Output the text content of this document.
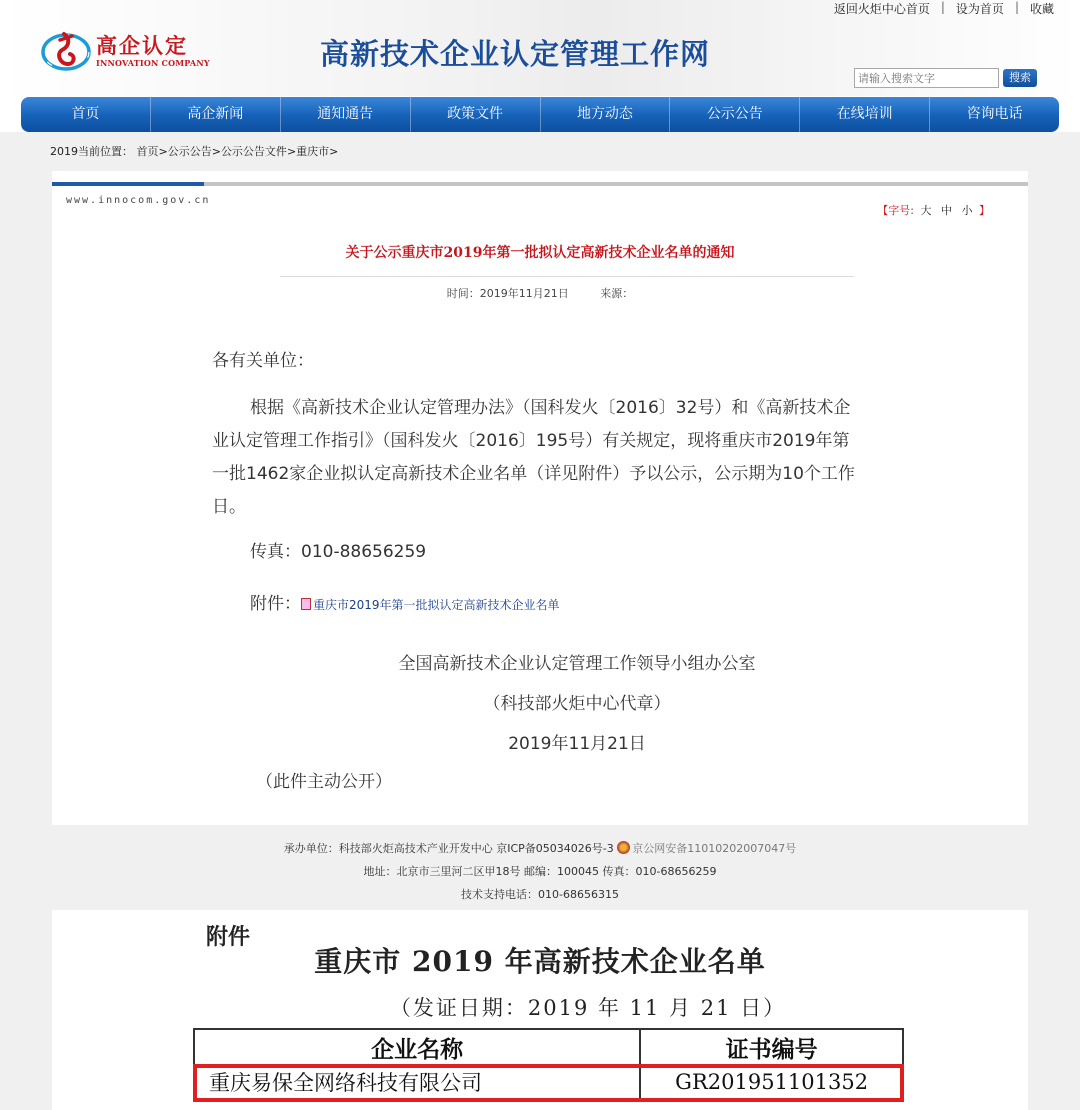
返回火炬中心首页 | 设为首页 | 收藏
高企认定
INNOVATION COMPANY	高新技术企业认定管理工作网
请输入搜索文字
搜索
首页	高企新闻	通知通告	政策文件	地方动态	公示公告	在线培训	咨询电话
2019当前位置： 首页>公示公告>公示公告文件>重庆市>
www.innocom.gov.cn
【字号: 大 中 小 】
关于公示重庆市2019年第一批拟认定高新技术企业名单的通知
时间：2019年11月21日	来源：
各有关单位：
根据《高新技术企业认定管理办法》（国科发火〔2016〕32号）和《高新技术企业认定管理工作指引》（国科发火〔2016〕195号）有关规定，现将重庆市2019年第一批1462家企业拟认定高新技术企业名单（详见附件）予以公示，公示期为10个工作日。
传真：010-88656259
附件： 重庆市2019年第一批拟认定高新技术企业名单
全国高新技术企业认定管理工作领导小组办公室
（科技部火炬中心代章）
2019年11月21日
（此件主动公开）
承办单位：科技部火炬高技术产业开发中心 京ICP备05034026号-3 京公网安备11010202007047号
地址：北京市三里河二区甲18号 邮编：100045 传真：010-68656259
技术支持电话：010-68656315
附件
重庆市 2019 年高新技术企业名单
（发证日期：2019 年 11 月 21 日）
企业名称	证书编号
重庆易保全网络科技有限公司	GR201951101352
